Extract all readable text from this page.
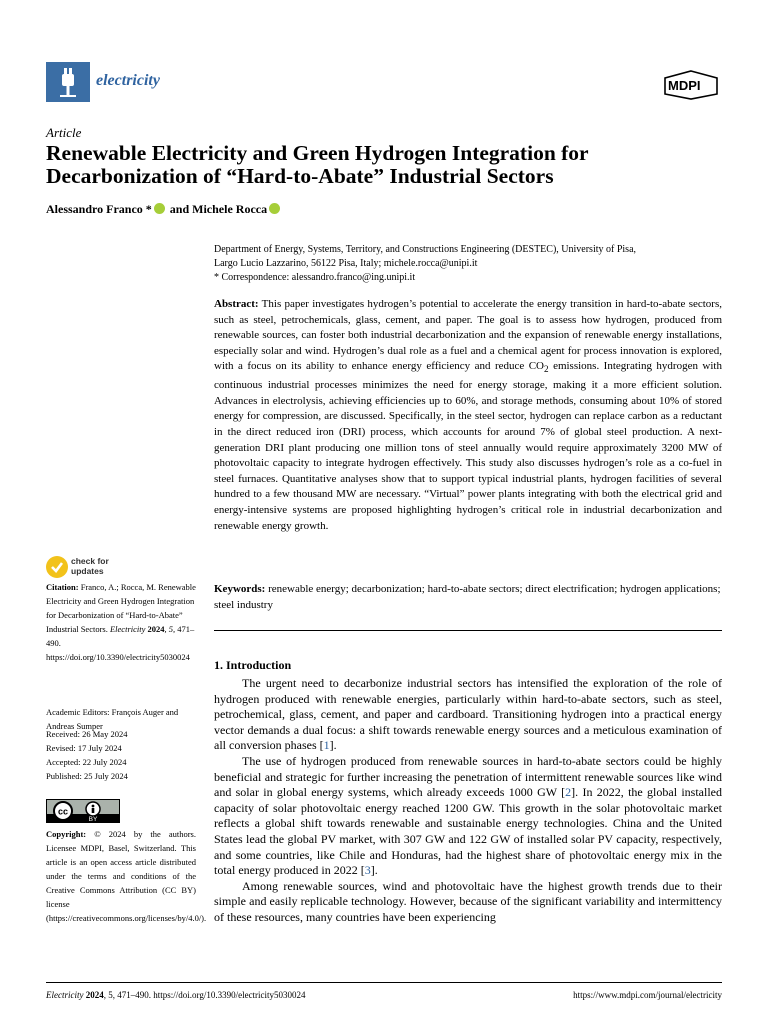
electricity	MDPI
Article
Renewable Electricity and Green Hydrogen Integration for Decarbonization of “Hard-to-Abate” Industrial Sectors
Alessandro Franco * and Michele Rocca
Department of Energy, Systems, Territory, and Constructions Engineering (DESTEC), University of Pisa,
Largo Lucio Lazzarino, 56122 Pisa, Italy; michele.rocca@unipi.it
* Correspondence: alessandro.franco@ing.unipi.it
Abstract: This paper investigates hydrogen’s potential to accelerate the energy transition in hard-to-abate sectors, such as steel, petrochemicals, glass, cement, and paper. The goal is to assess how hydrogen, produced from renewable sources, can foster both industrial decarbonization and the expansion of renewable energy installations, especially solar and wind. Hydrogen’s dual role as a fuel and a chemical agent for process innovation is explored, with a focus on its ability to enhance energy efficiency and reduce $CO_2$ emissions. Integrating hydrogen with continuous industrial processes minimizes the need for energy storage, making it a more efficient solution. Advances in electrolysis, achieving efficiencies up to 60%, and storage methods, consuming about 10% of stored energy for compression, are discussed. Specifically, in the steel sector, hydrogen can replace carbon as a reductant in the direct reduced iron (DRI) process, which accounts for around 7% of global steel production. A next-generation DRI plant producing one million tons of steel annually would require approximately 3200 MW of photovoltaic capacity to integrate hydrogen effectively. This study also discusses hydrogen’s role as a co-fuel in steel furnaces. Quantitative analyses show that to support typical industrial plants, hydrogen facilities of several hundred to a few thousand MW are necessary. “Virtual” power plants integrating with both the electrical grid and energy-intensive systems are proposed highlighting hydrogen’s critical role in industrial decarbonization and renewable energy growth.
Keywords: renewable energy; decarbonization; hard-to-abate sectors; direct electrification; hydrogen applications; steel industry
1. Introduction

The urgent need to decarbonize industrial sectors has intensified the exploration of the role of hydrogen produced with renewable energies, particularly within hard-to-abate sectors, such as steel, petrochemical, glass, cement, and paper and cardboard. Transitioning hydrogen into a practical energy vector demands a dual focus: a shift towards renewable energy sources and a meticulous examination of all conversion phases [1].

The use of hydrogen produced from renewable sources in hard-to-abate sectors could be highly beneficial and strategic for further increasing the penetration of intermittent renewable sources like wind and solar in global energy systems, which already exceeds 1000 GW [2]. In 2022, the global installed capacity of solar photovoltaic energy reached 1200 GW. This growth in the solar photovoltaic market reflects a global shift towards renewable and sustainable energy technologies. China and the United States lead the global PV market, with 307 GW and 122 GW of installed solar PV capacity, respectively, and some countries, like Chile and Honduras, had the highest share of photovoltaic energy mix in the total energy produced in 2022 [3].

Among renewable sources, wind and photovoltaic have the highest growth trends due to their simple and easily replicable technology. However, because of the significant variability and intermittency of these resources, many countries have been experiencing

check for
updates
Citation: Franco, A.; Rocca, M. Renewable Electricity and Green Hydrogen Integration for Decarbonization of “Hard-to-Abate” Industrial Sectors. Electricity 2024, 5, 471–490. https://doi.org/10.3390/electricity5030024
Academic Editors: François Auger and Andreas Sumper
Received: 26 May 2024
Revised: 17 July 2024
Accepted: 22 July 2024
Published: 25 July 2024
cc
BY
Copyright: © 2024 by the authors. Licensee MDPI, Basel, Switzerland. This article is an open access article distributed under the terms and conditions of the Creative Commons Attribution (CC BY) license (https://creativecommons.org/licenses/by/4.0/).
Electricity 2024, 5, 471–490. https://doi.org/10.3390/electricity5030024	https://www.mdpi.com/journal/electricity
